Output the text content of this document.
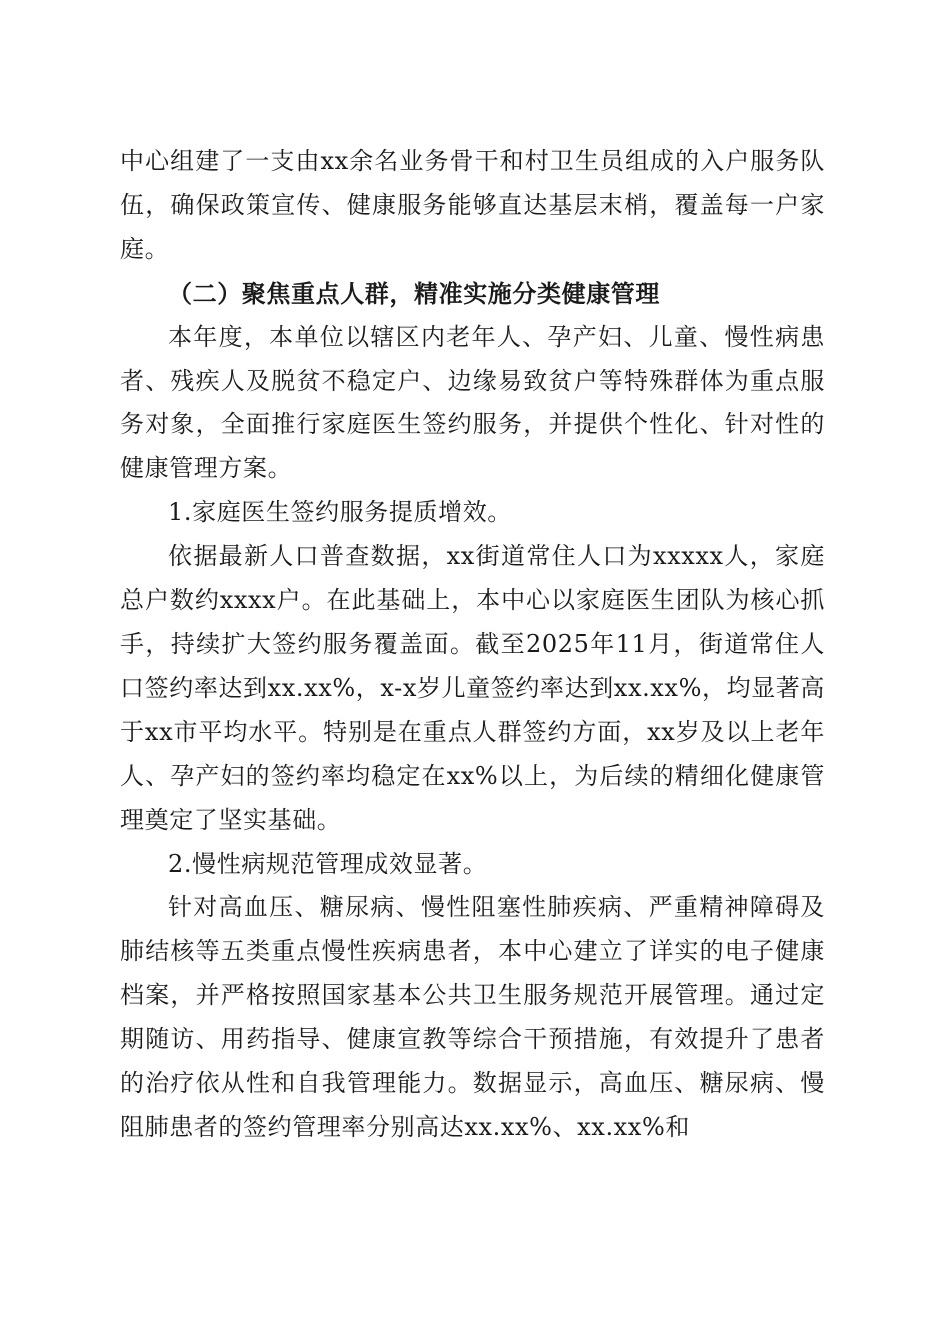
中心组建了一支由xx余名业务骨干和村卫生员组成的入户服务队伍，确保政策宣传、健康服务能够直达基层末梢，覆盖每一户家庭。

（二）聚焦重点人群，精准实施分类健康管理

本年度，本单位以辖区内老年人、孕产妇、儿童、慢性病患者、残疾人及脱贫不稳定户、边缘易致贫户等特殊群体为重点服务对象，全面推行家庭医生签约服务，并提供个性化、针对性的健康管理方案。

1.家庭医生签约服务提质增效。

依据最新人口普查数据，xx街道常住人口为xxxxx人，家庭总户数约xxxx户。在此基础上，本中心以家庭医生团队为核心抓手，持续扩大签约服务覆盖面。截至2025年11月，街道常住人口签约率达到xx.xx%，x-x岁儿童签约率达到xx.xx%，均显著高于xx市平均水平。特别是在重点人群签约方面，xx岁及以上老年人、孕产妇的签约率均稳定在xx%以上，为后续的精细化健康管理奠定了坚实基础。

2.慢性病规范管理成效显著。

针对高血压、糖尿病、慢性阻塞性肺疾病、严重精神障碍及肺结核等五类重点慢性疾病患者，本中心建立了详实的电子健康档案，并严格按照国家基本公共卫生服务规范开展管理。通过定期随访、用药指导、健康宣教等综合干预措施，有效提升了患者的治疗依从性和自我管理能力。数据显示，高血压、糖尿病、慢阻肺患者的签约管理率分别高达xx.xx%、xx.xx%和
